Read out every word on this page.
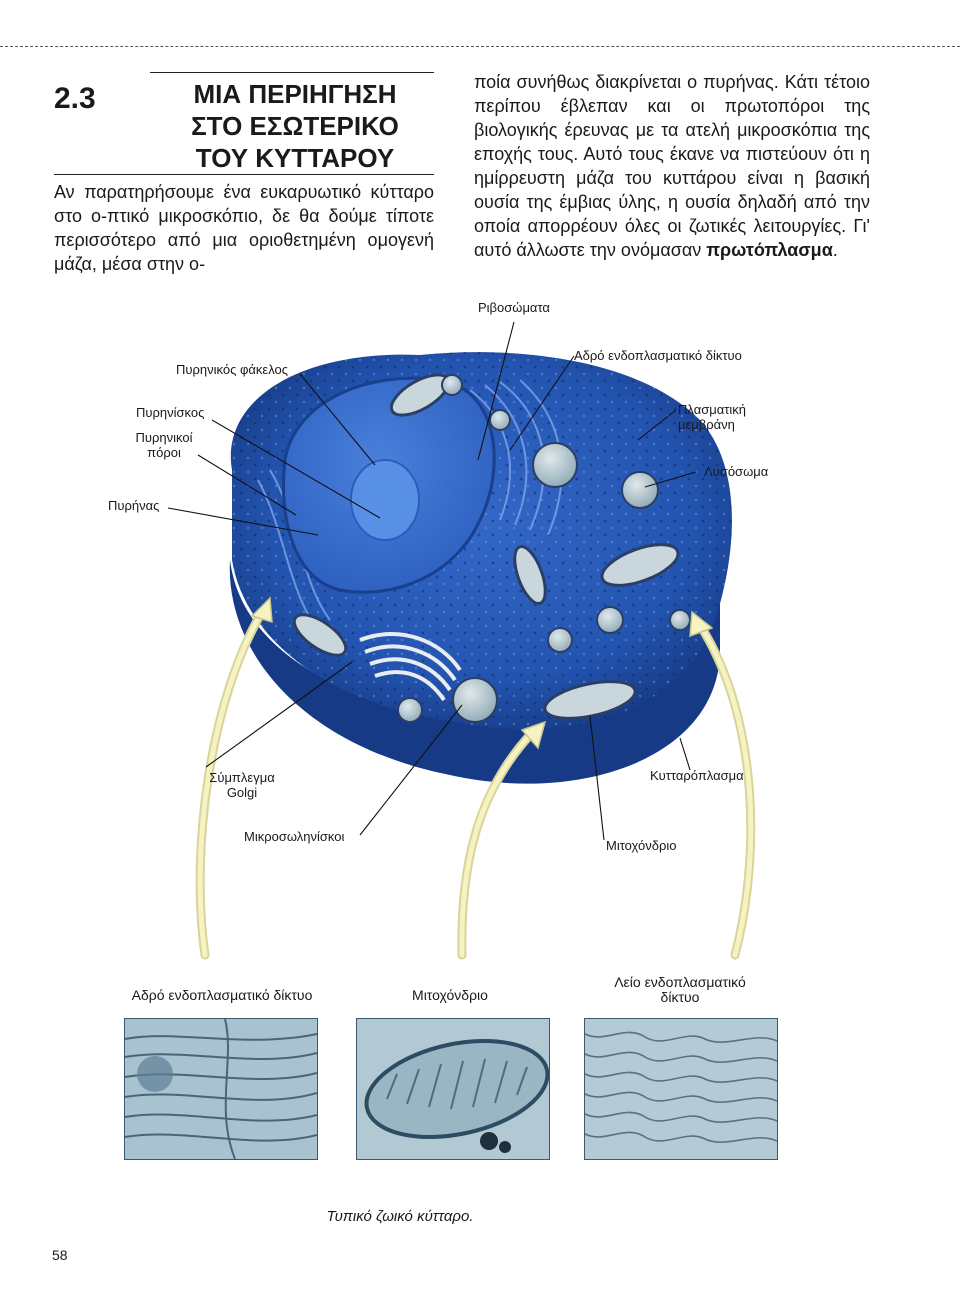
2.3	ΜΙΑ ΠΕΡΙΗΓΗΣΗ
ΣΤΟ ΕΣΩΤΕΡΙΚΟ
ΤΟΥ ΚΥΤΤΑΡΟΥ
Αν παρατηρήσουμε ένα ευκαρυωτικό κύτταρο στο ο-πτικό μικροσκόπιο, δε θα δούμε τίποτε περισσότερο από μια οριοθετημένη ομογενή μάζα, μέσα στην ο-
ποία συνήθως διακρίνεται ο πυρήνας. Κάτι τέτοιο περίπου έβλεπαν και οι πρωτοπόροι της βιολογικής έρευνας με τα ατελή μικροσκόπια της εποχής τους. Αυτό τους έκανε να πιστεύουν ότι η ημίρρευστη μάζα του κυττάρου είναι η βασική ουσία της έμβιας ύλης, η ουσία δηλαδή από την οποία απορρέουν όλες οι ζωτικές λειτουργίες. Γι' αυτό άλλωστε την ονόμασαν πρωτόπλασμα.
Ριβοσώματα
Αδρό ενδοπλασματικό δίκτυο
Πυρηνικός φάκελος
Πυρηνίσκος
Πυρηνικοί
πόροι
Πυρήνας
Πλασματική
μεμβράνη
Λυσόσωμα
Σύμπλεγμα
Golgi
Μικροσωληνίσκοι
Κυτταρόπλασμα
Μιτοχόνδριο
Αδρό ενδοπλασματικό δίκτυο	Μιτοχόνδριο
Λείο ενδοπλασματικό
δίκτυο
Τυπικό ζωικό κύτταρο.
58
